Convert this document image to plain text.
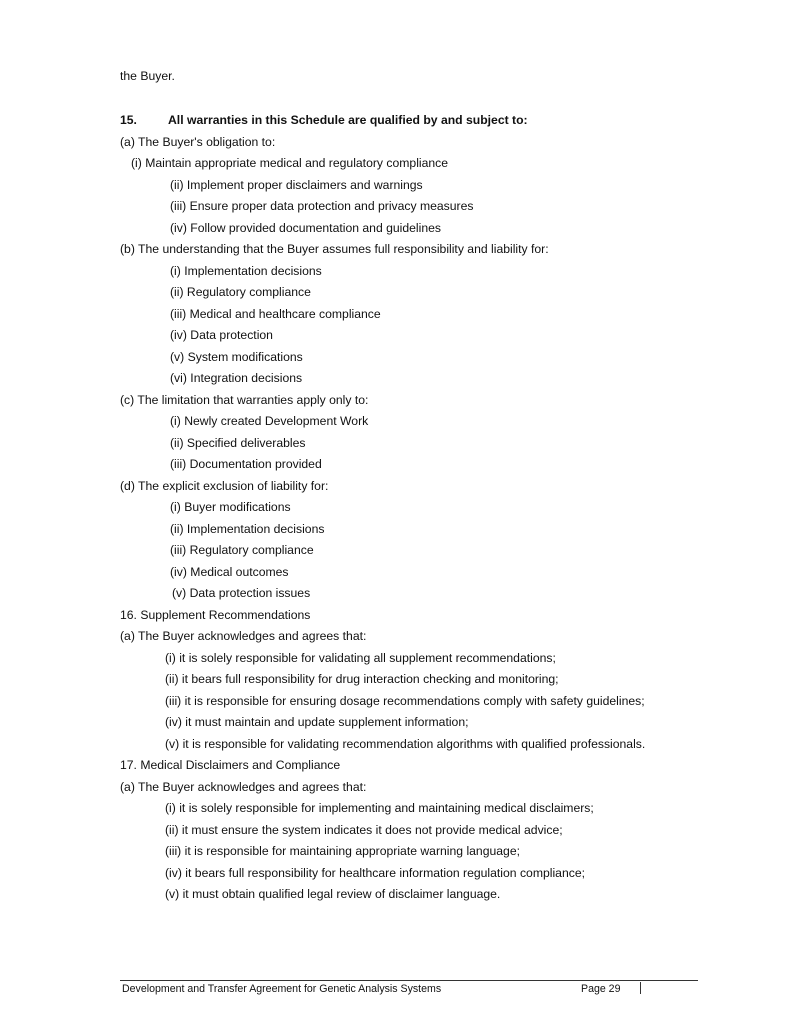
the Buyer.
15.	All warranties in this Schedule are qualified by and subject to:
(a) The Buyer's obligation to:
(i) Maintain appropriate medical and regulatory compliance
(ii) Implement proper disclaimers and warnings
(iii) Ensure proper data protection and privacy measures
(iv) Follow provided documentation and guidelines
(b) The understanding that the Buyer assumes full responsibility and liability for:
(i) Implementation decisions
(ii) Regulatory compliance
(iii) Medical and healthcare compliance
(iv) Data protection
(v) System modifications
(vi) Integration decisions
(c) The limitation that warranties apply only to:
(i) Newly created Development Work
(ii) Specified deliverables
(iii) Documentation provided
(d) The explicit exclusion of liability for:
(i) Buyer modifications
(ii) Implementation decisions
(iii) Regulatory compliance
(iv) Medical outcomes
(v) Data protection issues
16. Supplement Recommendations
(a) The Buyer acknowledges and agrees that:
(i) it is solely responsible for validating all supplement recommendations;
(ii) it bears full responsibility for drug interaction checking and monitoring;
(iii) it is responsible for ensuring dosage recommendations comply with safety guidelines;
(iv) it must maintain and update supplement information;
(v) it is responsible for validating recommendation algorithms with qualified professionals.
17. Medical Disclaimers and Compliance
(a) The Buyer acknowledges and agrees that:
(i) it is solely responsible for implementing and maintaining medical disclaimers;
(ii) it must ensure the system indicates it does not provide medical advice;
(iii) it is responsible for maintaining appropriate warning language;
(iv) it bears full responsibility for healthcare information regulation compliance;
(v) it must obtain qualified legal review of disclaimer language.
Development and Transfer Agreement for Genetic Analysis Systems	Page 29
